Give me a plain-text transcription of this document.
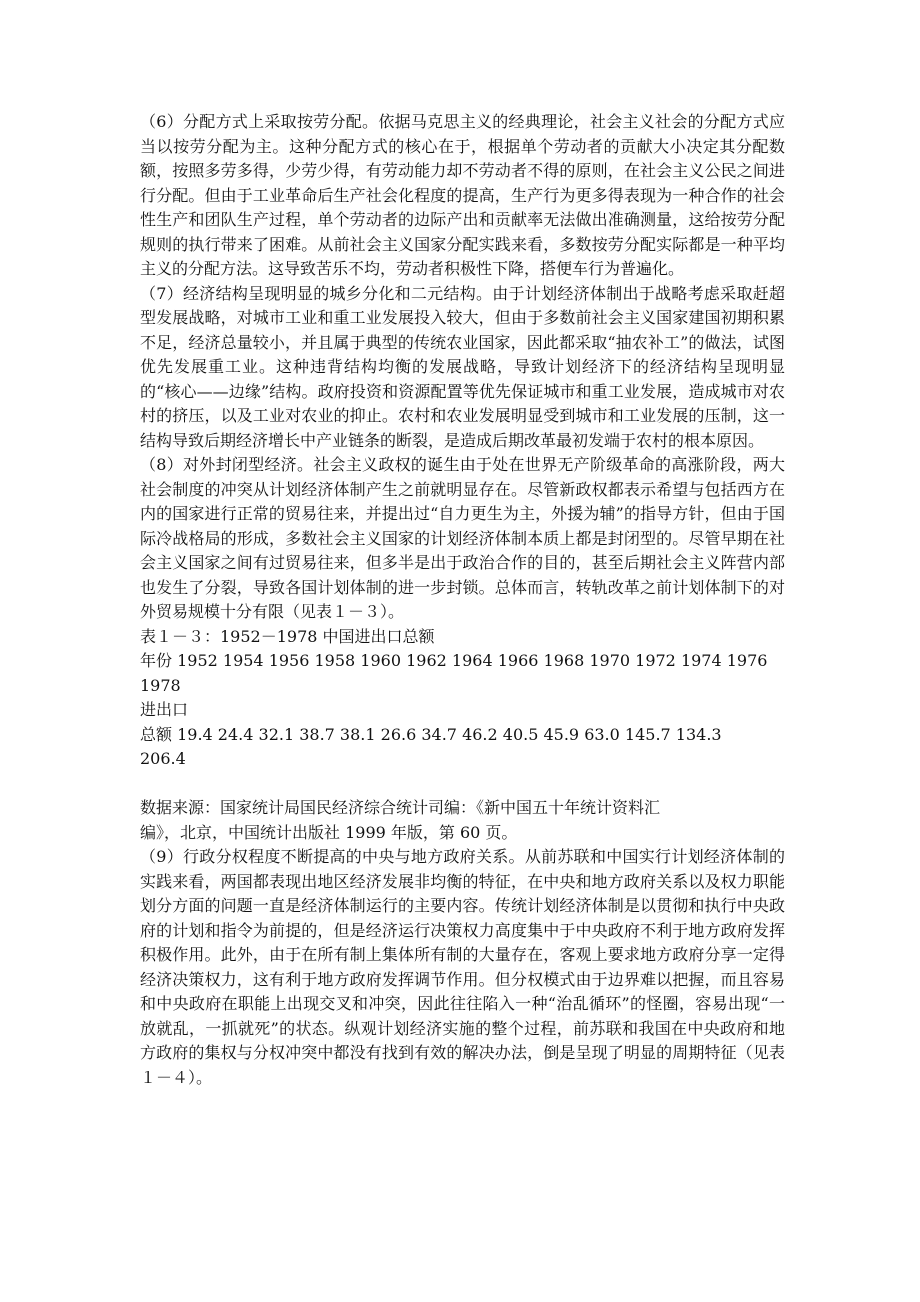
（6）分配方式上采取按劳分配。依据马克思主义的经典理论，社会主义社会的分配方式应当以按劳分配为主。这种分配方式的核心在于，根据单个劳动者的贡献大小决定其分配数额，按照多劳多得，少劳少得，有劳动能力却不劳动者不得的原则，在社会主义公民之间进行分配。但由于工业革命后生产社会化程度的提高，生产行为更多得表现为一种合作的社会性生产和团队生产过程，单个劳动者的边际产出和贡献率无法做出准确测量，这给按劳分配规则的执行带来了困难。从前社会主义国家分配实践来看，多数按劳分配实际都是一种平均主义的分配方法。这导致苦乐不均，劳动者积极性下降，搭便车行为普遍化。

（7）经济结构呈现明显的城乡分化和二元结构。由于计划经济体制出于战略考虑采取赶超型发展战略，对城市工业和重工业发展投入较大，但由于多数前社会主义国家建国初期积累不足，经济总量较小，并且属于典型的传统农业国家，因此都采取“抽农补工”的做法，试图优先发展重工业。这种违背结构均衡的发展战略，导致计划经济下的经济结构呈现明显的“核心——边缘”结构。政府投资和资源配置等优先保证城市和重工业发展，造成城市对农村的挤压，以及工业对农业的抑止。农村和农业发展明显受到城市和工业发展的压制，这一结构导致后期经济增长中产业链条的断裂，是造成后期改革最初发端于农村的根本原因。

（8）对外封闭型经济。社会主义政权的诞生由于处在世界无产阶级革命的高涨阶段，两大社会制度的冲突从计划经济体制产生之前就明显存在。尽管新政权都表示希望与包括西方在内的国家进行正常的贸易往来，并提出过“自力更生为主，外援为辅”的指导方针，但由于国际冷战格局的形成，多数社会主义国家的计划经济体制本质上都是封闭型的。尽管早期在社会主义国家之间有过贸易往来，但多半是出于政治合作的目的，甚至后期社会主义阵营内部也发生了分裂，导致各国计划体制的进一步封锁。总体而言，转轨改革之前计划体制下的对外贸易规模十分有限（见表１－３）。

表１－３：1952－1978 中国进出口总额

年份 1952 1954 1956 1958 1960 1962 1964 1966 1968 1970 1972 1974 1976 1978

进出口

总额 19.4 24.4 32.1 38.7 38.1 26.6 34.7 46.2 40.5 45.9 63.0 145.7 134.3

206.4

数据来源：国家统计局国民经济综合统计司编：《新中国五十年统计资料汇

编》，北京，中国统计出版社 1999 年版，第 60 页。

（9）行政分权程度不断提高的中央与地方政府关系。从前苏联和中国实行计划经济体制的实践来看，两国都表现出地区经济发展非均衡的特征，在中央和地方政府关系以及权力职能划分方面的问题一直是经济体制运行的主要内容。传统计划经济体制是以贯彻和执行中央政府的计划和指令为前提的，但是经济运行决策权力高度集中于中央政府不利于地方政府发挥积极作用。此外，由于在所有制上集体所有制的大量存在，客观上要求地方政府分享一定得经济决策权力，这有利于地方政府发挥调节作用。但分权模式由于边界难以把握，而且容易和中央政府在职能上出现交叉和冲突，因此往往陷入一种“治乱循环”的怪圈，容易出现“一放就乱，一抓就死”的状态。纵观计划经济实施的整个过程，前苏联和我国在中央政府和地方政府的集权与分权冲突中都没有找到有效的解决办法，倒是呈现了明显的周期特征（见表１－４）。
